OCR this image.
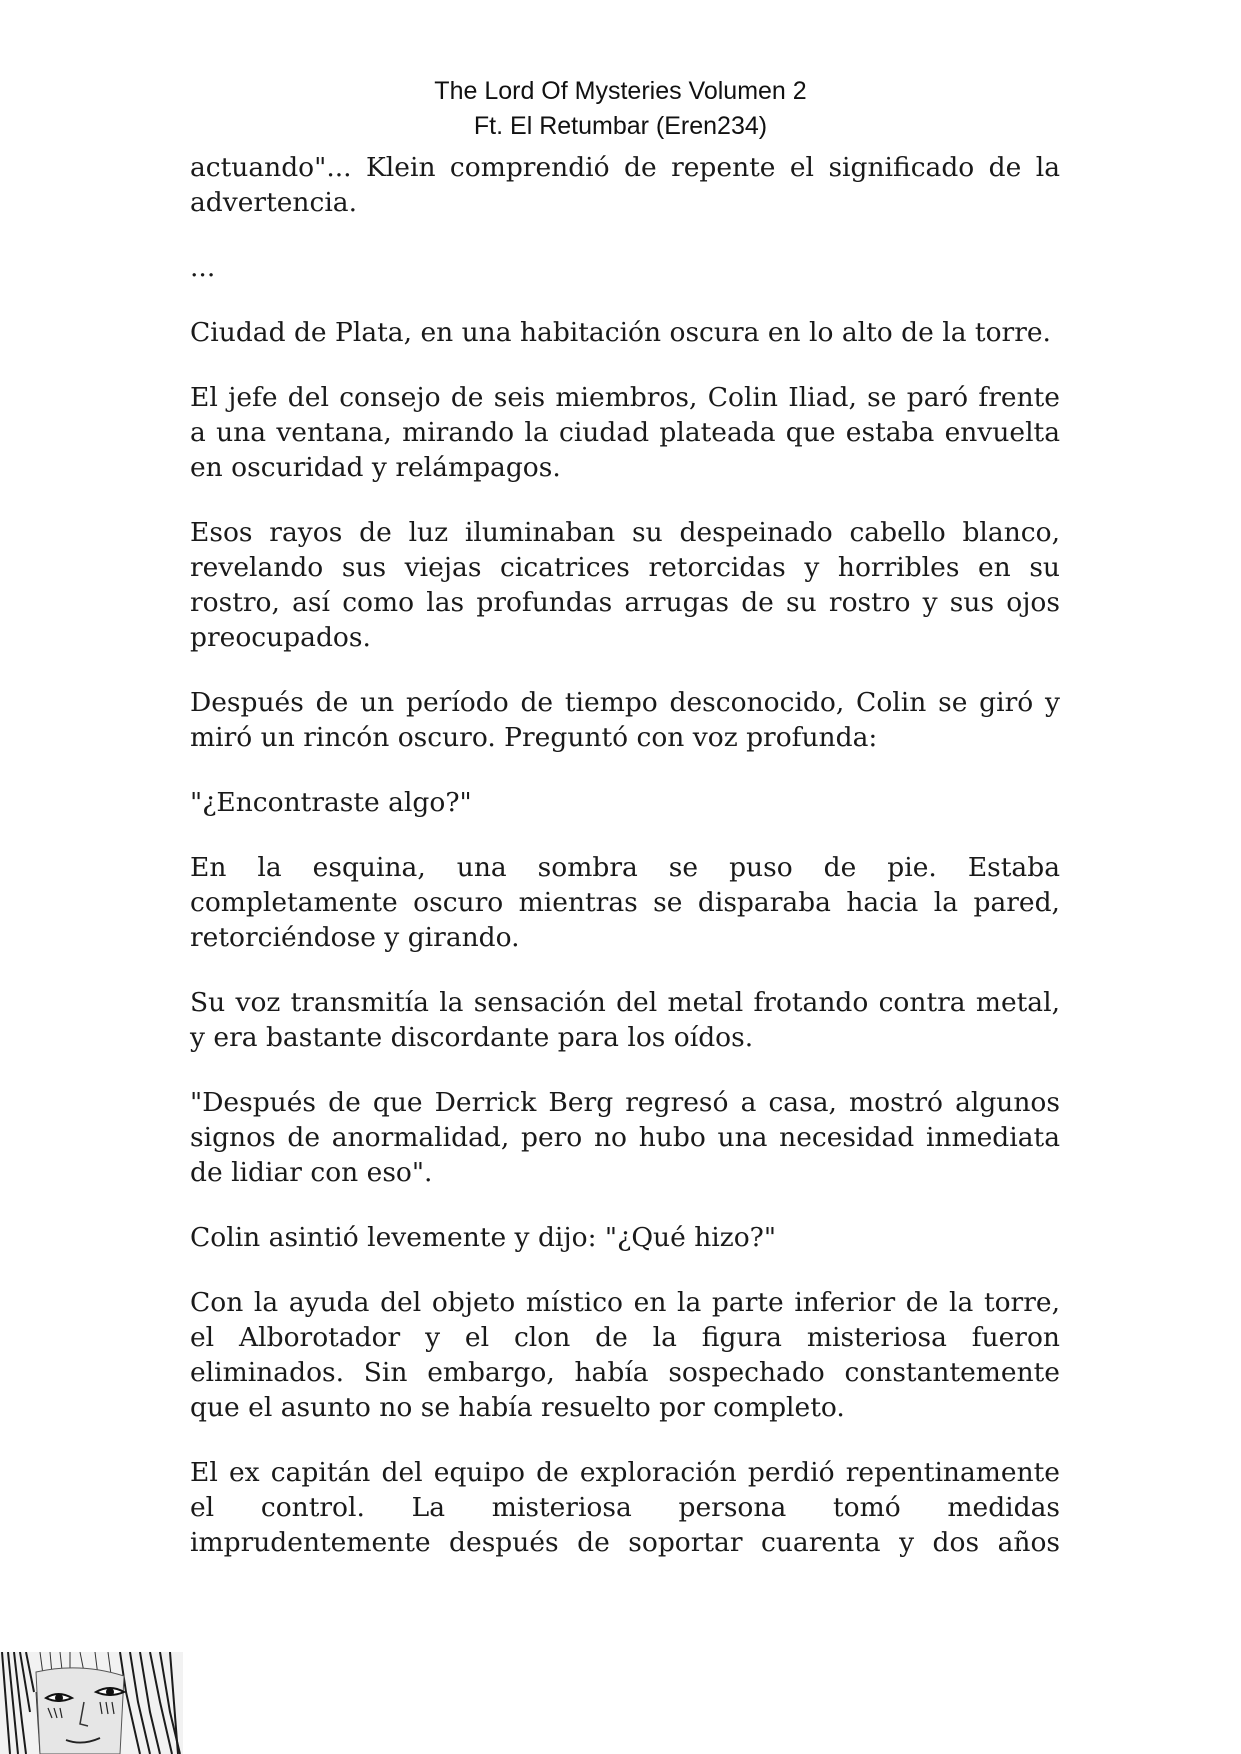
The Lord Of Mysteries Volumen 2
Ft. El Retumbar (Eren234)

actuando"... Klein comprendió de repente el significado de la advertencia.

...

Ciudad de Plata, en una habitación oscura en lo alto de la torre.

El jefe del consejo de seis miembros, Colin Iliad, se paró frente a una ventana, mirando la ciudad plateada que estaba envuelta en oscuridad y relámpagos.

Esos rayos de luz iluminaban su despeinado cabello blanco, revelando sus viejas cicatrices retorcidas y horribles en su rostro, así como las profundas arrugas de su rostro y sus ojos preocupados.

Después de un período de tiempo desconocido, Colin se giró y miró un rincón oscuro. Preguntó con voz profunda:

"¿Encontraste algo?"

En la esquina, una sombra se puso de pie. Estaba completamente oscuro mientras se disparaba hacia la pared, retorciéndose y girando.

Su voz transmitía la sensación del metal frotando contra metal, y era bastante discordante para los oídos.

"Después de que Derrick Berg regresó a casa, mostró algunos signos de anormalidad, pero no hubo una necesidad inmediata de lidiar con eso".

Colin asintió levemente y dijo: "¿Qué hizo?"

Con la ayuda del objeto místico en la parte inferior de la torre, el Alborotador y el clon de la figura misteriosa fueron eliminados. Sin embargo, había sospechado constantemente que el asunto no se había resuelto por completo.

El ex capitán del equipo de exploración perdió repentinamente el control. La misteriosa persona tomó medidas imprudentemente después de soportar cuarenta y dos años
